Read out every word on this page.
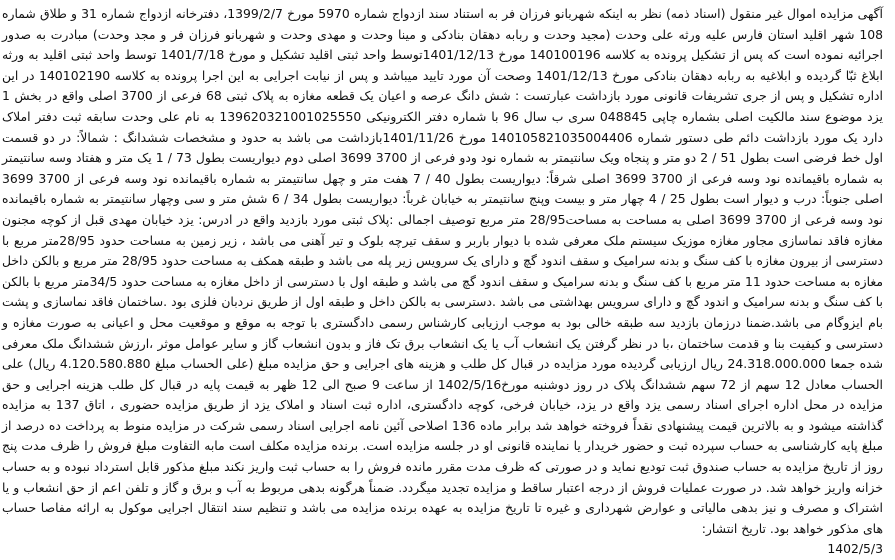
آگهی مزایده اموال غیر منقول (اسناد ذمه) نظر به اینکه شهربانو فرزان فر به استناد سند ازدواج شماره 5970 مورخ 1399/2/7، دفترخانه ازدواج شماره 31 و طلاق شماره 108 شهر اقلید استان فارس علیه ورثه علی وحدت (مجید وحدت و ربابه دهقان بنادکی و مینا وحدت و مهدی وحدت و شهربانو فرزان فر و مجد وحدت) مبادرت به صدور اجرائیه نموده است که پس از تشکیل پرونده به کلاسه 140100196 مورخ 1401/12/13توسط واحد ثبتی اقلید تشکیل و مورخ 1401/7/18 توسط واحد ثبتی اقلید به ورثه ابلاغ ثبّا گردیده و ابلاغیه به ربابه دهقان بنادکی مورخ 1401/12/13 وصحت آن مورد تایید میباشد و پس از نیابت اجرایی به این اجرا پرونده به کلاسه 140102190 در این اداره تشکیل و پس از جری تشریفات قانونی مورد بازداشت عبارتست : شش دانگ عرصه و اعیان یک قطعه مغازه به پلاک ثبتی 68 فرعی از 3700 اصلی واقع در بخش 1 یزد موضوع سند مالکیت اصلی بشماره چاپی 048845 سری ب سال 96 با شماره دفتر الکترونیکی 139620321001025550 به نام علی وحدت سابقه ثبت دفتر املاک دارد یک مورد بازداشت دائم طی دستور شماره 140105821035004406 مورخ 1401/11/26بازداشت می باشد به حدود و مشخصات ششدانگ : شمالاً: در دو قسمت اول خط فرضی است بطول 51 / 2 دو متر و پنجاه ویک سانتیمتر به شماره نود ودو فرعی از 3700 3699 اصلی دوم دیواریست بطول 73 / 1 یک متر و هفتاد وسه سانتیمتر به شماره باقیمانده نود وسه فرعی از 3700 3699 اصلی شرقاً: دیواریست بطول 40 / 7 هفت متر و چهل سانتیمتر به شماره باقیمانده نود وسه فرعی از 3700 3699 اصلی جنوباً: درب و دیوار است بطول 25 / 4 چهار متر و بیست وپنج سانتیمتر به خیابان غرباً: دیواریست بطول 34 / 6 شش متر و سی وچهار سانتیمتر به شماره باقیمانده نود وسه فرعی از 3700 3699 اصلی به مساحت به مساحت28/95 متر مربع توصیف اجمالی :پلاک ثبتی مورد بازدید واقع در ادرس: یزد خیابان مهدی قبل از کوچه مجنون مغازه فاقد نماسازی مجاور مغازه موزیک سیستم ملک معرفی شده با دیوار باربر و سقف تیرچه بلوک و تیر آهنی می باشد ، زیر زمین به مساحت حدود 28/95متر مربع با دسترسی از بیرون مغازه با کف سنگ و بدنه سرامیک و سقف اندود گچ و دارای یک سرویس زیر پله می باشد و طبقه همکف به مساحت حدود 28/95 متر مربع و بالکن داخل مغازه به مساحت حدود 11 متر مربع با کف سنگ و بدنه سرامیک و سقف اندود گچ می باشد و طبقه اول با دسترسی از داخل مغازه به مساحت حدود 34/5متر مربع با بالکن با کف سنگ و بدنه سرامیک و اندود گچ و دارای سرویس بهداشتی می باشد .دسترسی به بالکن داخل و طبقه اول از طریق نردبان فلزی بود .ساختمان فاقد نماسازی و پشت بام ایزوگام می باشد.ضمنا درزمان بازدید سه طبقه خالی بود به موجب ارزیابی کارشناس رسمی دادگستری با توجه به موقع و موقعیت محل و اعیانی به صورت مغازه و دسترسی و کیفیت بنا و قدمت ساختمان ،با در نظر گرفتن یک انشعاب آب یا یک انشعاب برق تک فاز و بدون انشعاب گاز و سایر عوامل موثر ،ارزش ششدانگ ملک معرفی شده جمعا 24.318.000.000 ریال ارزیابی گردیده مورد مزایده در قبال کل طلب و هزینه های اجرایی و حق مزایده مبلغ (علی الحساب مبلغ 4.120.580.880 ریال) علی الحساب معادل 12 سهم از 72 سهم ششدانگ پلاک در روز دوشنبه مورخ1402/5/16 از ساعت 9 صبح الی 12 ظهر به قیمت پایه در قبال کل طلب هزینه اجرایی و حق مزایده در محل اداره اجرای اسناد رسمی یزد واقع در یزد، خیابان فرخی، کوچه دادگستری، اداره ثبت اسناد و املاک یزد از طریق مزایده حضوری ، اتاق 137 به مزایده گذاشته میشود و به بالاترین قیمت پیشنهادی نقداً فروخته خواهد شد برابر ماده 136 اصلاحی آئین نامه اجرایی اسناد رسمی شرکت در مزایده منوط به پرداخت ده درصد از مبلغ پایه کارشناسی به حساب سپرده ثبت و حضور خریدار یا نماینده قانونی او در جلسه مزایده است. برنده مزایده مکلف است مابه التفاوت مبلغ فروش را ظرف مدت پنج روز از تاریخ مزایده به حساب صندوق ثبت تودیع نماید و در صورتی که ظرف مدت مقرر مانده فروش را به حساب ثبت واریز نکند مبلغ مذکور قابل استرداد نبوده و به حساب خزانه واریز خواهد شد. در صورت عملیات فروش از درجه اعتبار ساقط و مزایده تجدید میگردد. ضمناً هرگونه بدهی مربوط به آب و برق و گاز و تلفن اعم از حق انشعاب و یا اشتراک و مصرف و نیز بدهی مالیاتی و عوارض شهرداری و غیره تا تاریخ مزایده به عهده برنده مزایده می باشد و تنظیم سند انتقال اجرایی موکول به ارائه مفاصا حساب های مذکور خواهد بود. تاریخ انتشار:
1402/5/3
